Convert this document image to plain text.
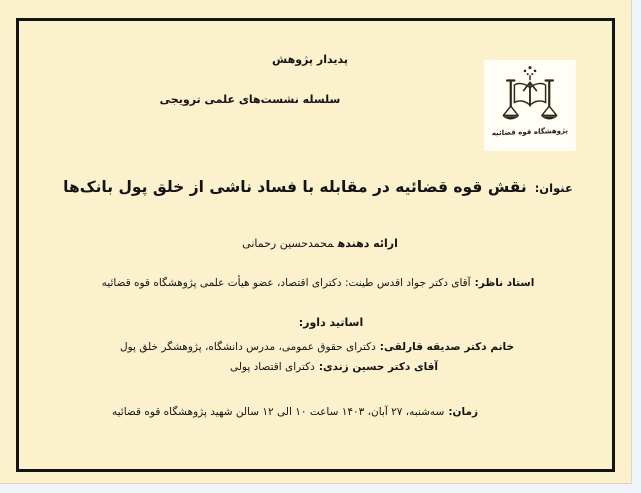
پدیدار پژوهش
سلسله نشست‌های علمی ترویجی
پژوهشگاه قوه قضائیه
عنوان:نقش قوه قضائیه در مقابله با فساد ناشی از خلق پول بانک‌ها
ارائه دهندهمحمدحسین رحمانی
استاد ناظر:آقای دکتر جواد اقدس طینت: دکترای اقتصاد، عضو هیأت علمی پژوهشگاه قوه قضائیه
اساتید داور:
خانم دکتر صدیقه قارلقی:دکترای حقوق عمومی، مدرس دانشگاه، پژوهشگر خلق پول
آقای دکتر حسین زندی:دکترای اقتصاد پولی
زمان:سه‌شنبه، ۲۷ آبان، ۱۴۰۳ ساعت ۱۰ الی ۱۲ سالن شهید پژوهشگاه قوه قضائیه
